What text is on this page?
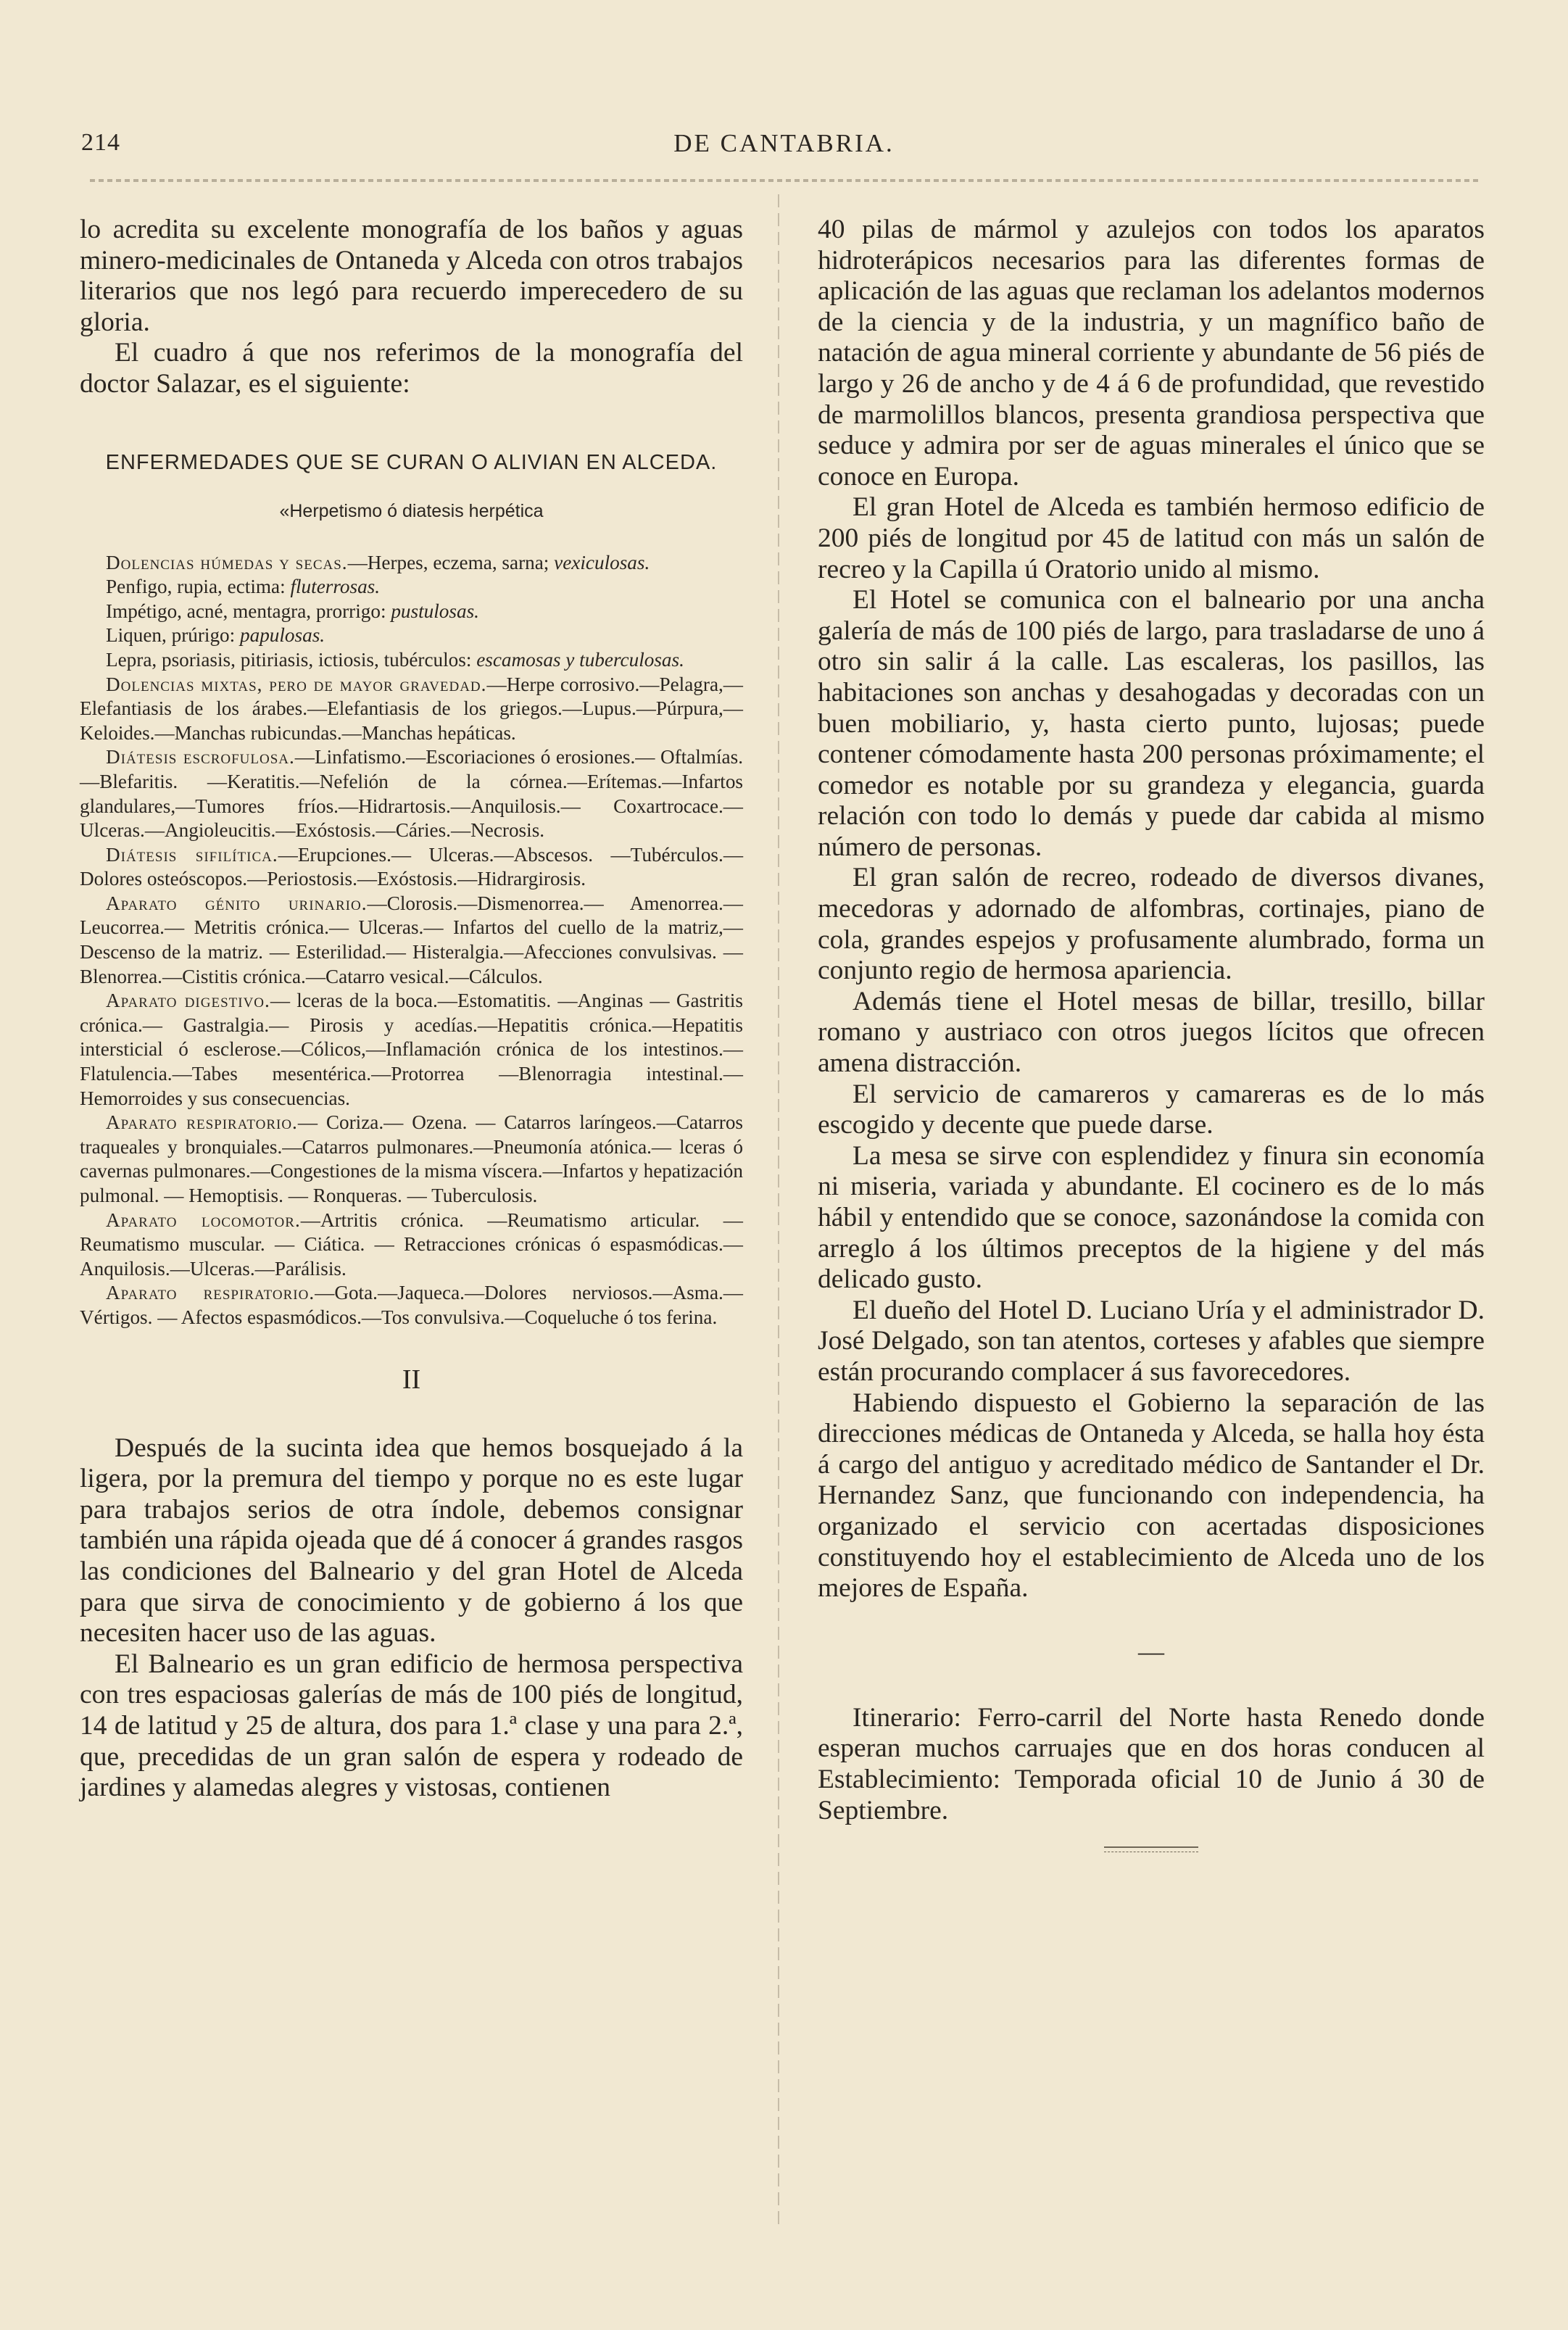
214	DE CANTABRIA.

lo acredita su excelente monografía de los baños y aguas minero-medicinales de Ontaneda y Alceda con otros trabajos literarios que nos legó para recuerdo imperecedero de su gloria.

El cuadro á que nos referimos de la monografía del doctor Salazar, es el siguiente:

ENFERMEDADES QUE SE CURAN O ALIVIAN EN ALCEDA.
«Herpetismo ó diatesis herpética

Dolencias húmedas y secas.—Herpes, eczema, sarna; vexiculosas.

Penfigo, rupia, ectima: fluterrosas.

Impétigo, acné, mentagra, prorrigo: pustulosas.

Liquen, prúrigo: papulosas.

Lepra, psoriasis, pitiriasis, ictiosis, tubérculos: escamosas y tuberculosas.

Dolencias mixtas, pero de mayor gravedad.—Herpe corrosivo.—Pelagra,—Elefantiasis de los árabes.—Elefantiasis de los griegos.—Lupus.—Púrpura,—Keloides.—Manchas rubicundas.—Manchas hepáticas.

Diátesis escrofulosa.—Linfatismo.—Escoriaciones ó erosiones.— Oftalmías. —Blefaritis. —Keratitis.—Nefelión de la córnea.—Erítemas.—Infartos glandulares,—Tumores fríos.—Hidrartosis.—Anquilosis.— Coxartrocace.—Ulceras.—Angioleucitis.—Exóstosis.—Cáries.—Necrosis.

Diátesis sifilítica.—Erupciones.— Ulceras.—Abscesos. —Tubérculos.—Dolores osteóscopos.—Periostosis.—Exóstosis.—Hidrargirosis.

Aparato génito urinario.—Clorosis.—Dismenorrea.— Amenorrea.— Leucorrea.— Metritis crónica.— Ulceras.— Infartos del cuello de la matriz,—Descenso de la matriz. — Esterilidad.— Histeralgia.—Afecciones convulsivas. — Blenorrea.—Cistitis crónica.—Catarro vesical.—Cálculos.

Aparato digestivo.— lceras de la boca.—Estomatitis. —Anginas — Gastritis crónica.— Gastralgia.— Pirosis y acedías.—Hepatitis crónica.—Hepatitis intersticial ó esclerose.—Cólicos,—Inflamación crónica de los intestinos.—Flatulencia.—Tabes mesentérica.—Protorrea —Blenorragia intestinal.—Hemorroides y sus consecuencias.

Aparato respiratorio.— Coriza.— Ozena. — Catarros laríngeos.—Catarros traqueales y bronquiales.—Catarros pulmonares.—Pneumonía atónica.— lceras ó cavernas pulmonares.—Congestiones de la misma víscera.—Infartos y hepatización pulmonal. — Hemoptisis. — Ronqueras. — Tuberculosis.

Aparato locomotor.—Artritis crónica. —Reumatismo articular. — Reumatismo muscular. — Ciática. — Retracciones crónicas ó espasmódicas.—Anquilosis.—Ulceras.—Parálisis.

Aparato respiratorio.—Gota.—Jaqueca.—Dolores nerviosos.—Asma.—Vértigos. — Afectos espasmódicos.—Tos convulsiva.—Coqueluche ó tos ferina.

II

Después de la sucinta idea que hemos bosquejado á la ligera, por la premura del tiempo y porque no es este lugar para trabajos serios de otra índole, debemos consignar también una rápida ojeada que dé á conocer á grandes rasgos las condiciones del Balneario y del gran Hotel de Alceda para que sirva de conocimiento y de gobierno á los que necesiten hacer uso de las aguas.

El Balneario es un gran edificio de hermosa perspectiva con tres espaciosas galerías de más de 100 piés de longitud, 14 de latitud y 25 de altura, dos para 1.ª clase y una para 2.ª, que, precedidas de un gran salón de espera y rodeado de jardines y alamedas alegres y vistosas, contienen

40 pilas de mármol y azulejos con todos los aparatos hidroterápicos necesarios para las diferentes formas de aplicación de las aguas que reclaman los adelantos modernos de la ciencia y de la industria, y un magnífico baño de natación de agua mineral corriente y abundante de 56 piés de largo y 26 de ancho y de 4 á 6 de profundidad, que revestido de marmolillos blancos, presenta grandiosa perspectiva que seduce y admira por ser de aguas minerales el único que se conoce en Europa.

El gran Hotel de Alceda es también hermoso edificio de 200 piés de longitud por 45 de latitud con más un salón de recreo y la Capilla ú Oratorio unido al mismo.

El Hotel se comunica con el balneario por una ancha galería de más de 100 piés de largo, para trasladarse de uno á otro sin salir á la calle. Las escaleras, los pasillos, las habitaciones son anchas y desahogadas y decoradas con un buen mobiliario, y, hasta cierto punto, lujosas; puede contener cómodamente hasta 200 personas próximamente; el comedor es notable por su grandeza y elegancia, guarda relación con todo lo demás y puede dar cabida al mismo número de personas.

El gran salón de recreo, rodeado de diversos divanes, mecedoras y adornado de alfombras, cortinajes, piano de cola, grandes espejos y profusamente alumbrado, forma un conjunto regio de hermosa apariencia.

Además tiene el Hotel mesas de billar, tresillo, billar romano y austriaco con otros juegos lícitos que ofrecen amena distracción.

El servicio de camareros y camareras es de lo más escogido y decente que puede darse.

La mesa se sirve con esplendidez y finura sin economía ni miseria, variada y abundante. El cocinero es de lo más hábil y entendido que se conoce, sazonándose la comida con arreglo á los últimos preceptos de la higiene y del más delicado gusto.

El dueño del Hotel D. Luciano Uría y el administrador D. José Delgado, son tan atentos, corteses y afables que siempre están procurando complacer á sus favorecedores.

Habiendo dispuesto el Gobierno la separación de las direcciones médicas de Ontaneda y Alceda, se halla hoy ésta á cargo del antiguo y acreditado médico de Santander el Dr. Hernandez Sanz, que funcionando con independencia, ha organizado el servicio con acertadas disposiciones constituyendo hoy el establecimiento de Alceda uno de los mejores de España.

—

Itinerario: Ferro-carril del Norte hasta Renedo donde esperan muchos carruajes que en dos horas conducen al Establecimiento: Temporada oficial 10 de Junio á 30 de Septiembre.
